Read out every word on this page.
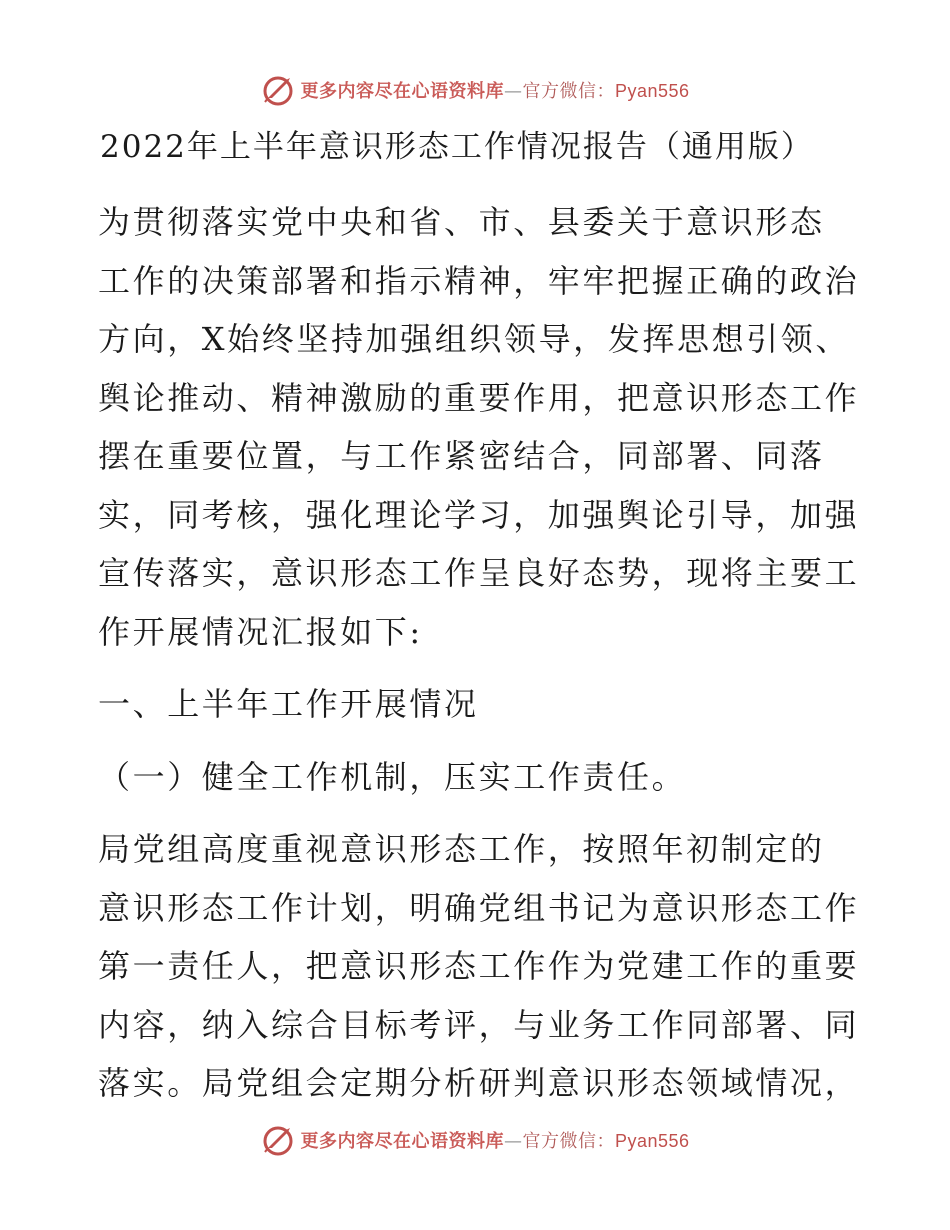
更多内容尽在心语资料库—官方微信：Pyan556
2022年上半年意识形态工作情况报告（通用版）
为贯彻落实党中央和省、市、县委关于意识形态
工作的决策部署和指示精神，牢牢把握正确的政治
方向，X始终坚持加强组织领导，发挥思想引领、
舆论推动、精神激励的重要作用，把意识形态工作
摆在重要位置，与工作紧密结合，同部署、同落
实，同考核，强化理论学习，加强舆论引导，加强
宣传落实，意识形态工作呈良好态势，现将主要工
作开展情况汇报如下:
一、上半年工作开展情况
（一）健全工作机制，压实工作责任。
局党组高度重视意识形态工作，按照年初制定的
意识形态工作计划，明确党组书记为意识形态工作
第一责任人，把意识形态工作作为党建工作的重要
内容，纳入综合目标考评，与业务工作同部署、同
落实。局党组会定期分析研判意识形态领域情况，
更多内容尽在心语资料库—官方微信：Pyan556
